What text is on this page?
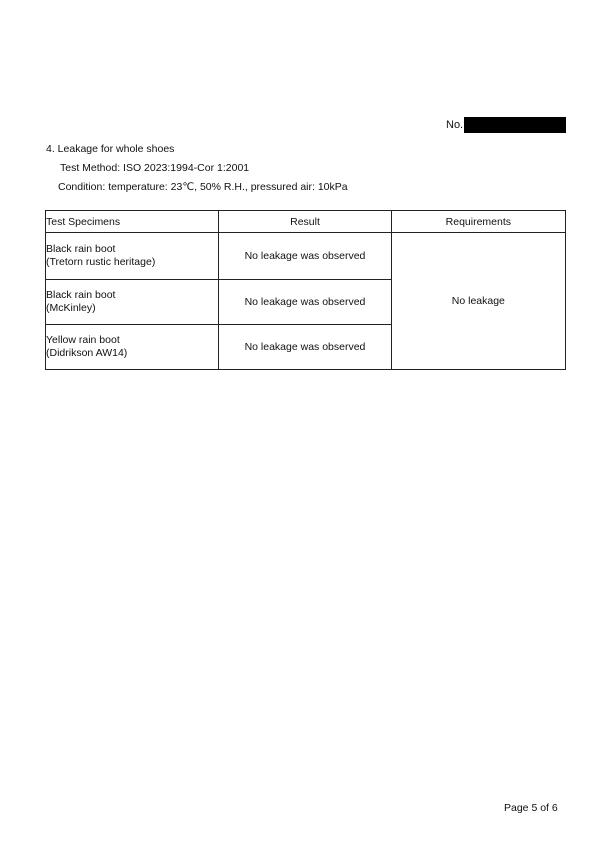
No.
4. Leakage for whole shoes
Test Method: ISO 2023:1994-Cor 1:2001
Condition: temperature: 23℃, 50% R.H., pressured air: 10kPa
Test Specimens	Result	Requirements

Black rain boot
(Tretorn rustic heritage)	No leakage was observed	No leakage

Black rain boot
(McKinley)	No leakage was observed	

Yellow rain boot
(Didrikson AW14)	No leakage was observed	
Page 5 of 6
